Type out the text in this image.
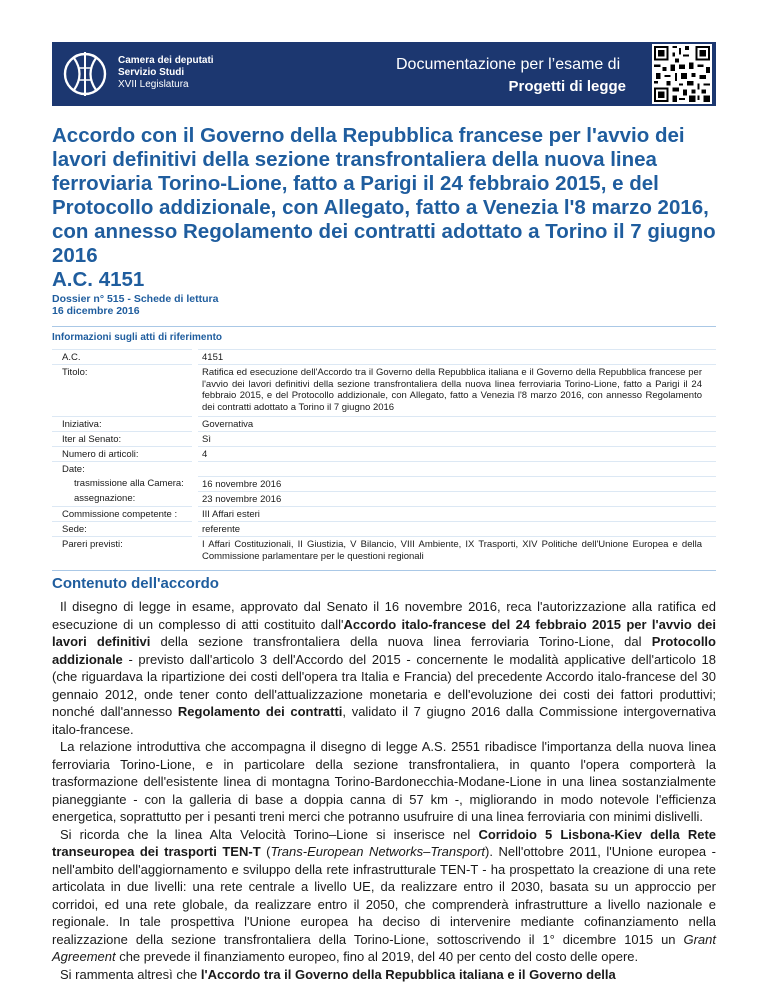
Camera dei deputati
Servizio Studi
XVII Legislatura
Documentazione per l’esame di
Progetti di legge
Accordo con il Governo della Repubblica francese per l'avvio dei lavori definitivi della sezione transfrontaliera della nuova linea ferroviaria Torino-Lione, fatto a Parigi il 24 febbraio 2015, e del Protocollo addizionale, con Allegato, fatto a Venezia l'8 marzo 2016, con annesso Regolamento dei contratti adottato a Torino il 7 giugno 2016
A.C. 4151
Dossier n° 515 - Schede di lettura
16 dicembre 2016
Informazioni sugli atti di riferimento
A.C.	4151
Titolo:	Ratifica ed esecuzione dell'Accordo tra il Governo della Repubblica italiana e il Governo della Repubblica francese per l'avvio dei lavori definitivi della sezione transfrontaliera della nuova linea ferroviaria Torino-Lione, fatto a Parigi il 24 febbraio 2015, e del Protocollo addizionale, con Allegato, fatto a Venezia l'8 marzo 2016, con annesso Regolamento dei contratti adottato a Torino il 7 giugno 2016
Iniziativa:	Governativa
Iter al Senato:	Sì
Numero di articoli:	4
Date:
trasmissione alla Camera:	16 novembre 2016
assegnazione:	23 novembre 2016
Commissione competente :	III Affari esteri
Sede:	referente
Pareri previsti:	I Affari Costituzionali, II Giustizia, V Bilancio, VIII Ambiente, IX Trasporti, XIV Politiche dell'Unione Europea e della Commissione parlamentare per le questioni regionali
Contenuto dell'accordo

Il disegno di legge in esame, approvato dal Senato il 16 novembre 2016, reca l'autorizzazione alla ratifica ed esecuzione di un complesso di atti costituito dall'Accordo italo-francese del 24 febbraio 2015 per l'avvio dei lavori definitivi della sezione transfrontaliera della nuova linea ferroviaria Torino-Lione, dal Protocollo addizionale - previsto dall'articolo 3 dell'Accordo del 2015 - concernente le modalità applicative dell'articolo 18 (che riguardava la ripartizione dei costi dell'opera tra Italia e Francia) del precedente Accordo italo-francese del 30 gennaio 2012, onde tener conto dell'attualizzazione monetaria e dell'evoluzione dei costi dei fattori produttivi; nonché dall'annesso Regolamento dei contratti, validato il 7 giugno 2016 dalla Commissione intergovernativa italo-francese.

La relazione introduttiva che accompagna il disegno di legge A.S. 2551 ribadisce l'importanza della nuova linea ferroviaria Torino-Lione, e in particolare della sezione transfrontaliera, in quanto l'opera comporterà la trasformazione dell'esistente linea di montagna Torino-Bardonecchia-Modane-Lione in una linea sostanzialmente pianeggiante - con la galleria di base a doppia canna di 57 km -, migliorando in modo notevole l'efficienza energetica, soprattutto per i pesanti treni merci che potranno usufruire di una linea ferroviaria con minimi dislivelli.

Si ricorda che la linea Alta Velocità Torino–Lione si inserisce nel Corridoio 5 Lisbona-Kiev della Rete transeuropea dei trasporti TEN-T (Trans-European Networks–Transport). Nell'ottobre 2011, l'Unione europea - nell'ambito dell'aggiornamento e sviluppo della rete infrastrutturale TEN-T - ha prospettato la creazione di una rete articolata in due livelli: una rete centrale a livello UE, da realizzare entro il 2030, basata su un approccio per corridoi, ed una rete globale, da realizzare entro il 2050, che comprenderà infrastrutture a livello nazionale e regionale. In tale prospettiva l'Unione europea ha deciso di intervenire mediante cofinanziamento nella realizzazione della sezione transfrontaliera della Torino-Lione, sottoscrivendo il 1° dicembre 1015 un Grant Agreement che prevede il finanziamento europeo, fino al 2019, del 40 per cento del costo delle opere.

Si rammenta altresì che l'Accordo tra il Governo della Repubblica italiana e il Governo della
